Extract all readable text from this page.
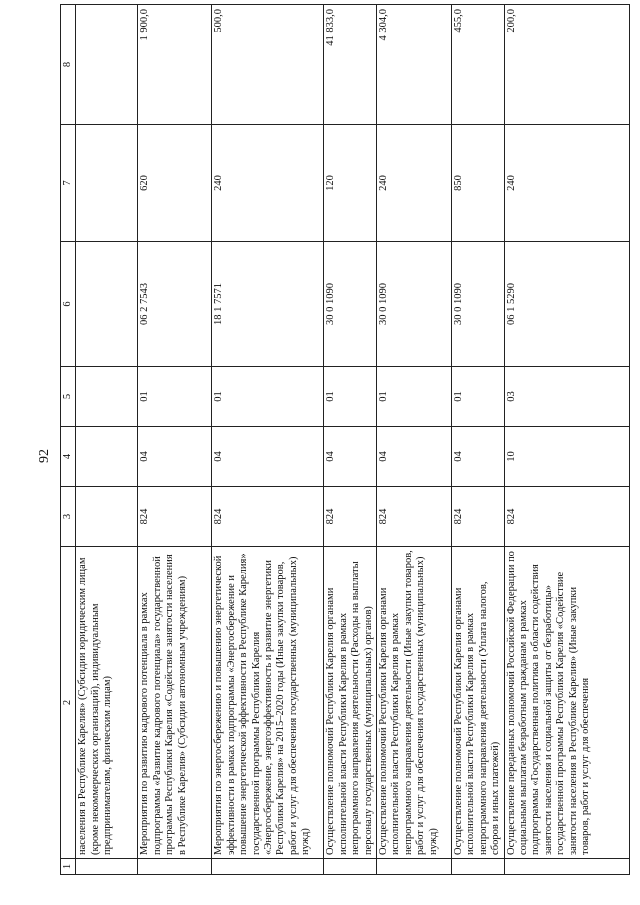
92
1	2	3	4	5	6	7	8
	населения в Республике Карелия» (Субсидии юридическим лицам (кроме некоммерческих организаций), индивидуальным предпринимателям, физическим лицам)						
	Мероприятия по развитию кадрового потенциала в рамках подпрограммы «Развитие кадрового потенциала» государственной программы Республики Карелия «Содействие занятости населения в Республике Карелия» (Субсидии автономным учреждениям)	824	04	01	06 2 7543	620	1 900,0
	Мероприятия по энергосбережению и повышению энергетической эффективности в рамках подпрограммы «Энергосбережение и повышение энергетической эффективности в Республике Карелия» государственной программы Республики Карелия «Энергосбережение, энергоэффективность и развитие энергетики Республики Карелия» на 2015–2020 годы (Иные закупки товаров, работ и услуг для обеспечения государственных (муниципальных) нужд)	824	04	01	18 1 7571	240	500,0
	Осуществление полномочий Республики Карелия органами исполнительной власти Республики Карелия в рамках непрограммного направления деятельности (Расходы на выплаты персоналу государственных (муниципальных) органов)	824	04	01	30 0 1090	120	41 833,0
	Осуществление полномочий Республики Карелия органами исполнительной власти Республики Карелия в рамках непрограммного направления деятельности (Иные закупки товаров, работ и услуг для обеспечения государственных (муниципальных) нужд)	824	04	01	30 0 1090	240	4 304,0
	Осуществление полномочий Республики Карелия органами исполнительной власти Республики Карелия в рамках непрограммного направления деятельности (Уплата налогов, сборов и иных платежей)	824	04	01	30 0 1090	850	455,0
	Осуществление переданных полномочий Российской Федерации по социальным выплатам безработным гражданам в рамках подпрограммы «Государственная политика в области содействия занятости населения и социальной защиты от безработицы» государственной программы Республики Карелия «Содействие занятости населения в Республике Карелия» (Иные закупки товаров, работ и услуг для обеспечения	824	10	03	06 1 5290	240	200,0
